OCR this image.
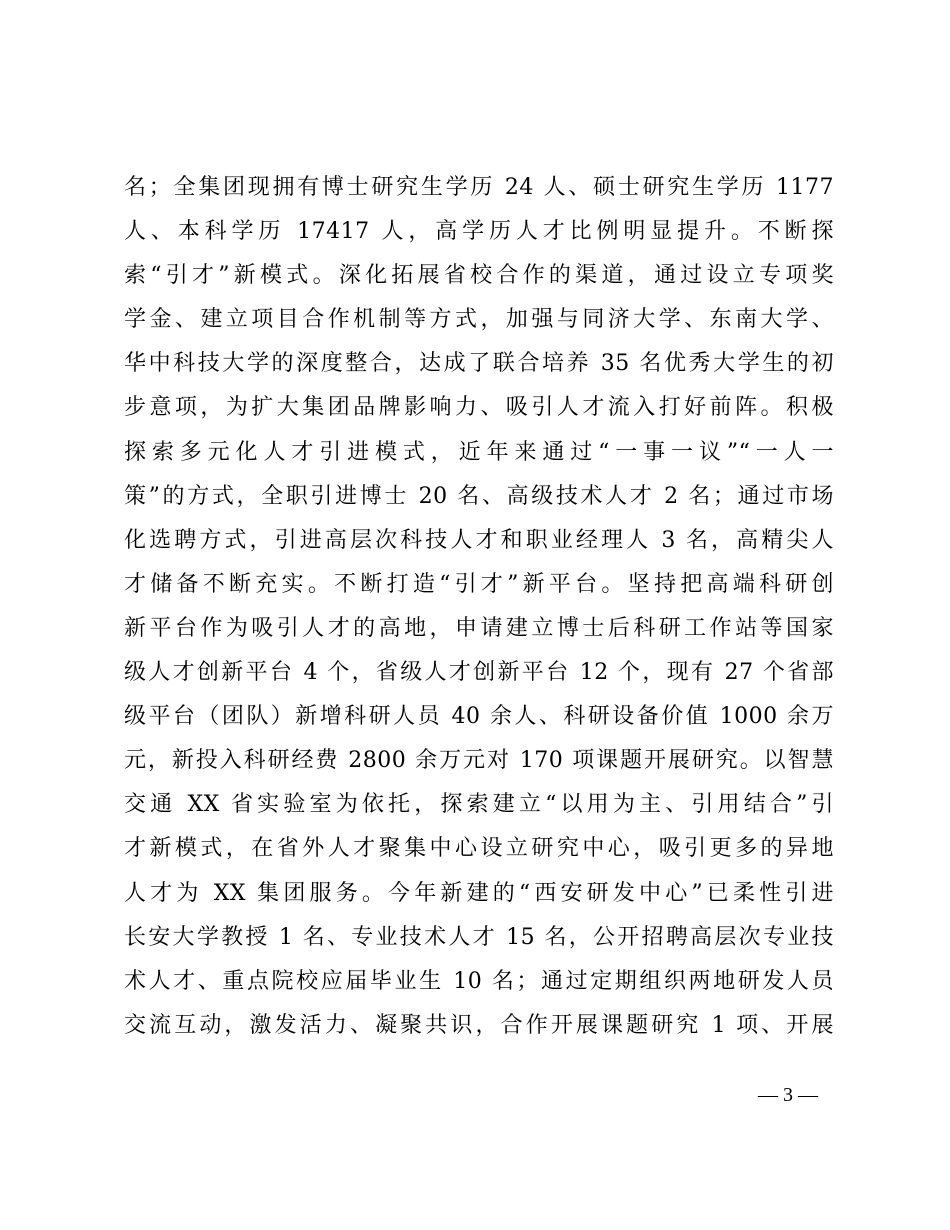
名；全集团现拥有博士研究生学历 24 人、硕士研究生学历 1177
人、本科学历 17417 人，高学历人才比例明显提升。不断探
索“引才”新模式。深化拓展省校合作的渠道，通过设立专项奖
学金、建立项目合作机制等方式，加强与同济大学、东南大学、
华中科技大学的深度整合，达成了联合培养 35 名优秀大学生的初
步意项，为扩大集团品牌影响力、吸引人才流入打好前阵。积极
探索多元化人才引进模式，近年来通过“一事一议”“一人一
策”的方式，全职引进博士 20 名、高级技术人才 2 名；通过市场
化选聘方式，引进高层次科技人才和职业经理人 3 名，高精尖人
才储备不断充实。不断打造“引才”新平台。坚持把高端科研创
新平台作为吸引人才的高地，申请建立博士后科研工作站等国家
级人才创新平台 4 个，省级人才创新平台 12 个，现有 27 个省部
级平台（团队）新增科研人员 40 余人、科研设备价值 1000 余万
元，新投入科研经费 2800 余万元对 170 项课题开展研究。以智慧
交通 XX 省实验室为依托，探索建立“以用为主、引用结合”引
才新模式，在省外人才聚集中心设立研究中心，吸引更多的异地
人才为 XX 集团服务。今年新建的“西安研发中心”已柔性引进
长安大学教授 1 名、专业技术人才 15 名，公开招聘高层次专业技
术人才、重点院校应届毕业生 10 名；通过定期组织两地研发人员
交流互动，激发活力、凝聚共识，合作开展课题研究 1 项、开展
— 3 —
